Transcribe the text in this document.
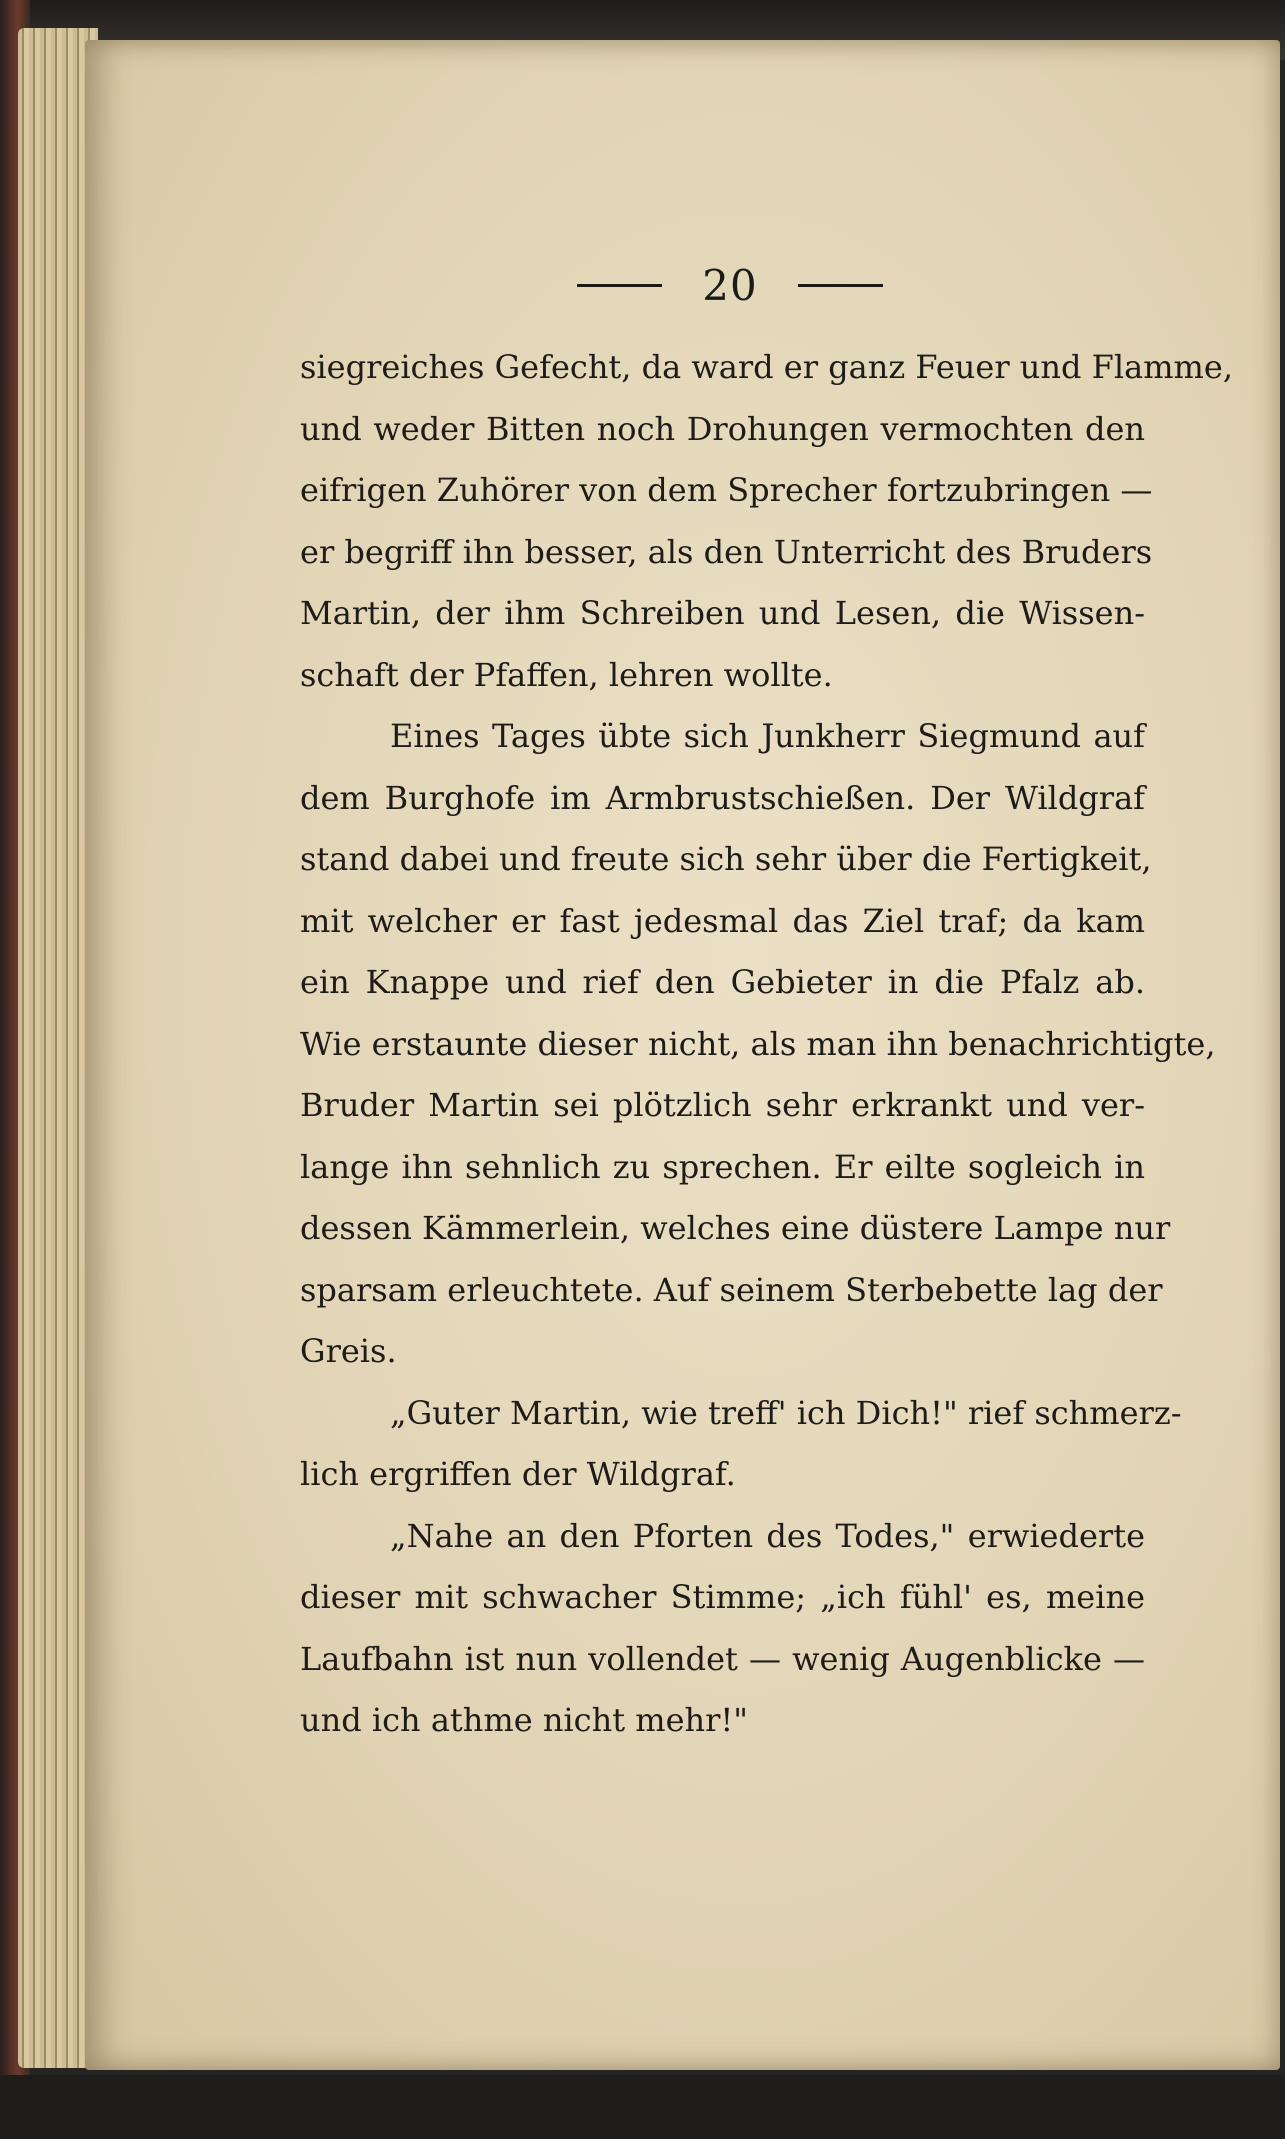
20
siegreiches Gefecht, da ward er ganz Feuer und Flamme,
und weder Bitten noch Drohungen vermochten den
eifrigen Zuhörer von dem Sprecher fortzubringen —
er begriff ihn besser, als den Unterricht des Bruders
Martin, der ihm Schreiben und Lesen, die Wissen-
schaft der Pfaffen, lehren wollte.
Eines Tages übte sich Junkherr Siegmund auf
dem Burghofe im Armbrustschießen. Der Wildgraf
stand dabei und freute sich sehr über die Fertigkeit,
mit welcher er fast jedesmal das Ziel traf; da kam
ein Knappe und rief den Gebieter in die Pfalz ab.
Wie erstaunte dieser nicht, als man ihn benachrichtigte,
Bruder Martin sei plötzlich sehr erkrankt und ver-
lange ihn sehnlich zu sprechen. Er eilte sogleich in
dessen Kämmerlein, welches eine düstere Lampe nur
sparsam erleuchtete. Auf seinem Sterbebette lag der
Greis.
„Guter Martin, wie treff' ich Dich!" rief schmerz-
lich ergriffen der Wildgraf.
„Nahe an den Pforten des Todes," erwiederte
dieser mit schwacher Stimme; „ich fühl' es, meine
Laufbahn ist nun vollendet — wenig Augenblicke —
und ich athme nicht mehr!"
